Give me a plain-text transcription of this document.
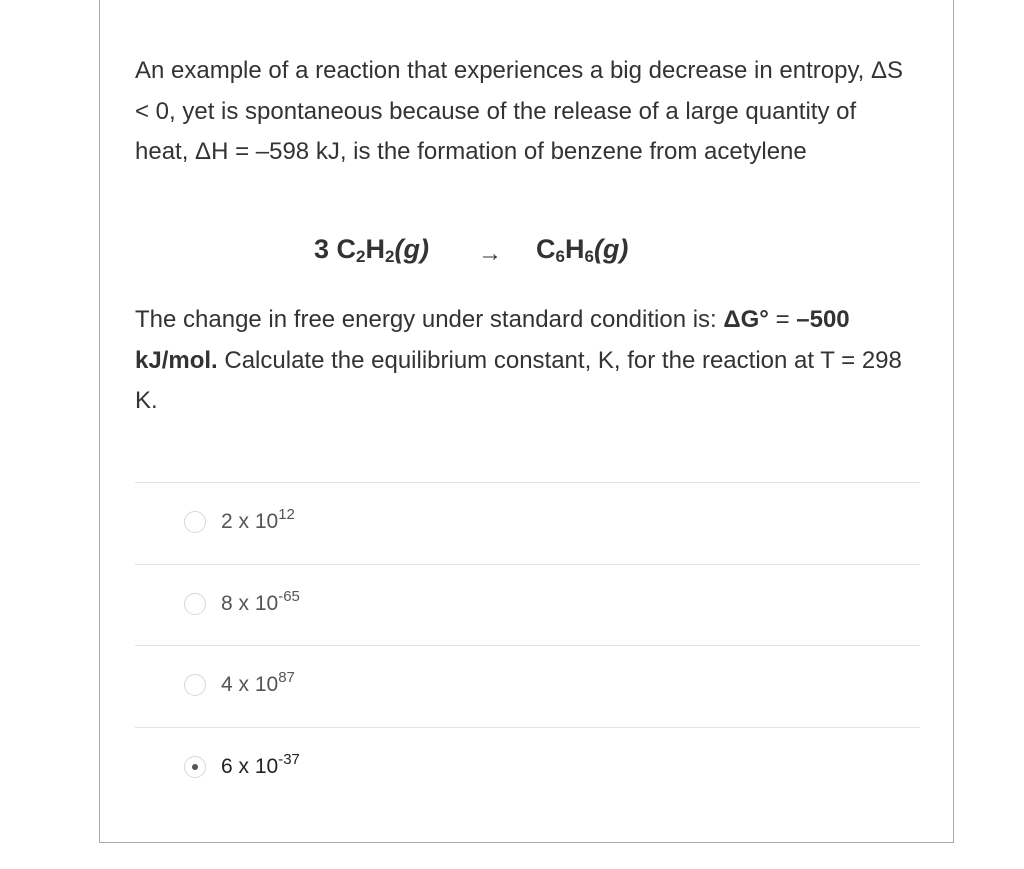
An example of a reaction that experiences a big decrease in entropy, ΔS < 0, yet is spontaneous because of the release of a large quantity of heat, ΔH = –598 kJ, is the formation of benzene from acetylene

3 $C_2H_2(g) \to C_6H_6(g)$

The change in free energy under standard condition is: ΔG° = –500 kJ/mol. Calculate the equilibrium constant, K, for the reaction at T = 298 K.

2 x $10^{12}$
8 x $10^{-65}$
4 x $10^{87}$
6 x $10^{-37}$
